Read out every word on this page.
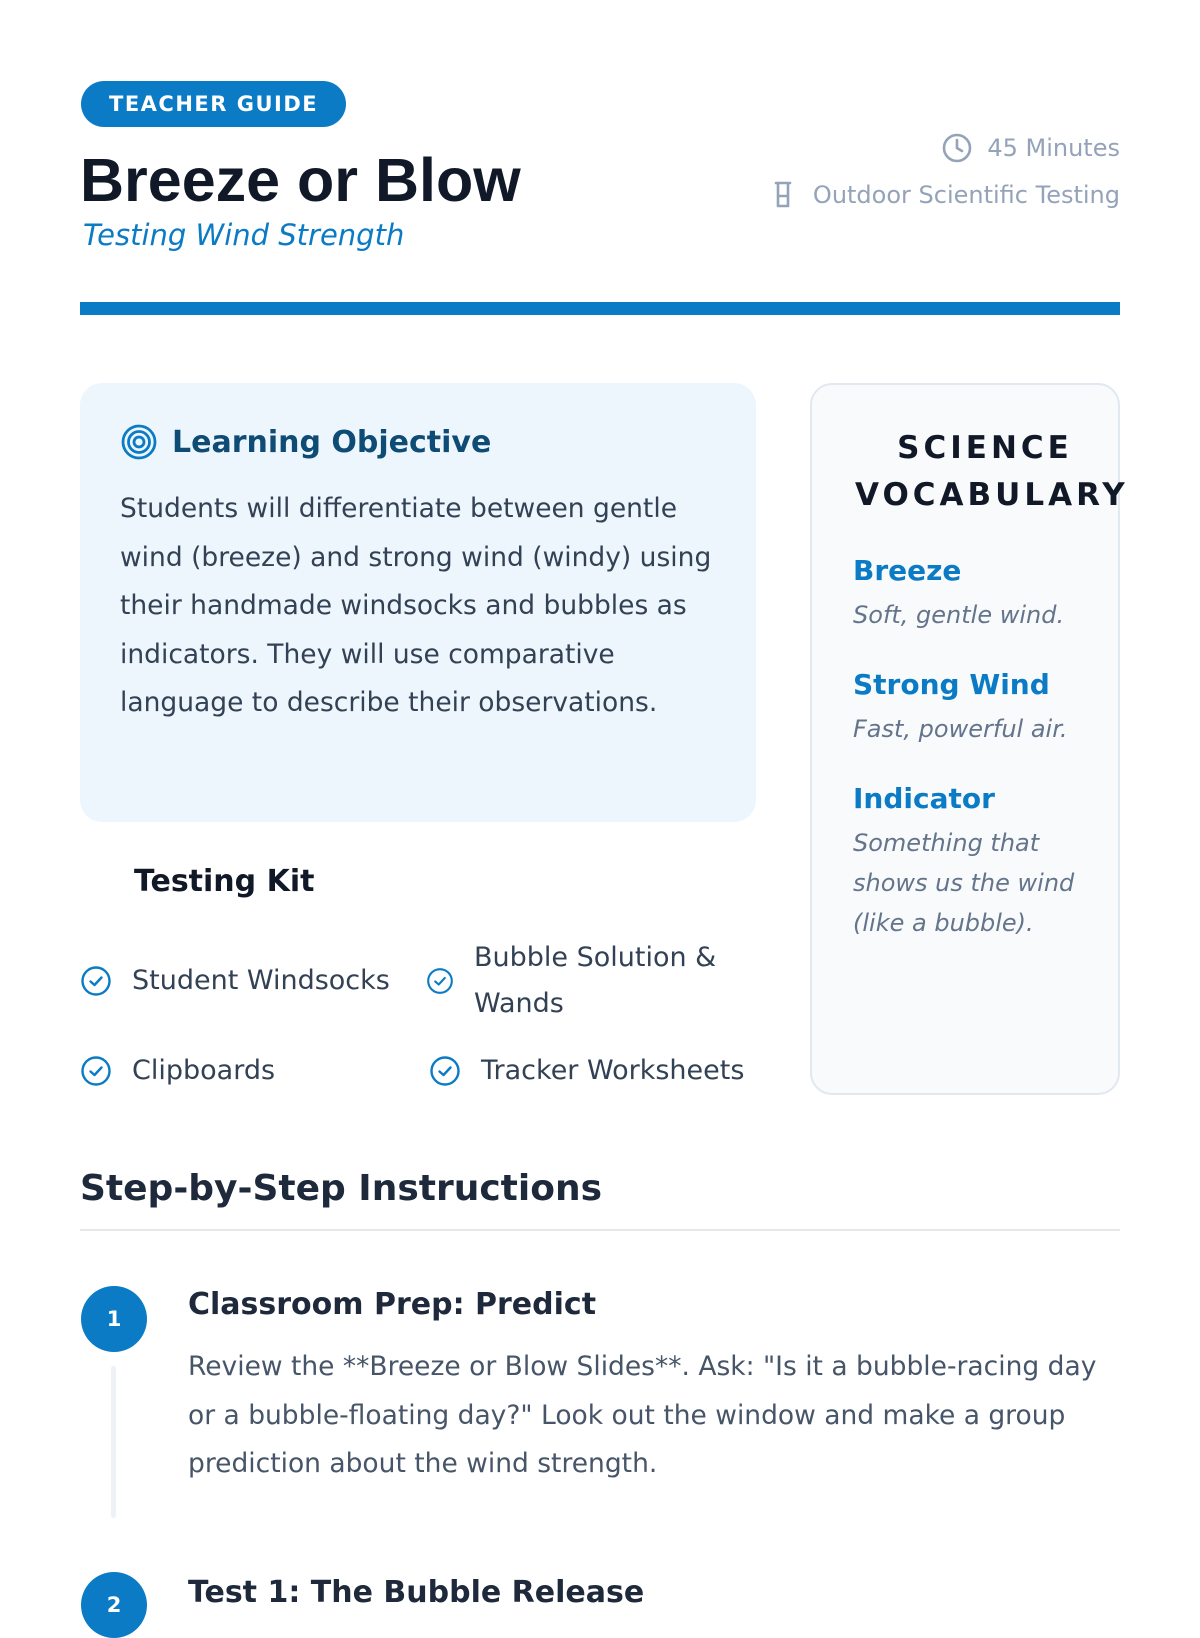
TEACHER GUIDE
Breeze or Blow
Testing Wind Strength
45 Minutes
Outdoor Scientific Testing
Learning Objective

Students will differentiate between gentle wind (breeze) and strong wind (windy) using their handmade windsocks and bubbles as indicators. They will use comparative language to describe their observations.

Testing Kit
Student Windsocks
Bubble Solution & Wands
Clipboards	Tracker Worksheets
SCIENCE VOCABULARY
Breeze
Soft, gentle wind.
Strong Wind
Fast, powerful air.
Indicator
Something that shows us the wind (like a bubble).
Step-by-Step Instructions
1	Classroom Prep: Predict

Review the **Breeze or Blow Slides**. Ask: "Is it a bubble-racing day or a bubble-floating day?" Look out the window and make a group prediction about the wind strength.

2	Test 1: The Bubble Release
